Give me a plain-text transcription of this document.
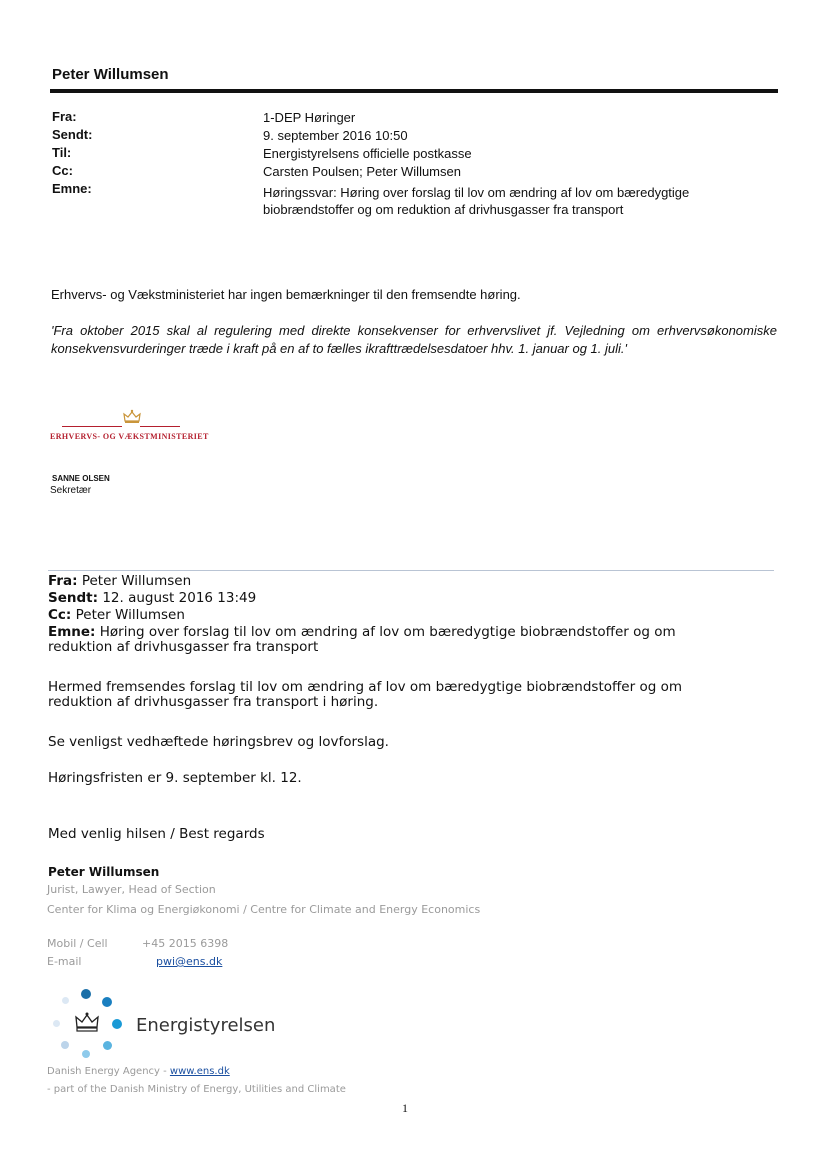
Peter Willumsen
Fra:	1-DEP Høringer
Sendt:	9. september 2016 10:50
Til:	Energistyrelsens officielle postkasse
Cc:	Carsten Poulsen; Peter Willumsen
Emne:	Høringssvar: Høring over forslag til lov om ændring af lov om bæredygtige biobrændstoffer og om reduktion af drivhusgasser fra transport
Erhvervs- og Vækstministeriet har ingen bemærkninger til den fremsendte høring.
'Fra oktober 2015 skal al regulering med direkte konsekvenser for erhvervslivet jf. Vejledning om erhvervsøkonomiske konsekvensvurderinger træde i kraft på en af to fælles ikrafttrædelsesdatoer hhv. 1. januar og 1. juli.'
ERHVERVS- OG VÆKSTMINISTERIET
SANNE OLSEN
Sekretær
Fra: Peter Willumsen
Sendt: 12. august 2016 13:49
Cc: Peter Willumsen
Emne: Høring over forslag til lov om ændring af lov om bæredygtige biobrændstoffer og om reduktion af drivhusgasser fra transport
Hermed fremsendes forslag til lov om ændring af lov om bæredygtige biobrændstoffer og om reduktion af drivhusgasser fra transport i høring.
Se venligst vedhæftede høringsbrev og lovforslag.
Høringsfristen er 9. september kl. 12.
Med venlig hilsen / Best regards
Peter Willumsen
Jurist, Lawyer, Head of Section
Center for Klima og Energiøkonomi / Centre for Climate and Energy Economics
Mobil / Cell	+45 2015 6398
E-mail	pwi@ens.dk
Energistyrelsen
Danish Energy Agency - www.ens.dk
- part of the Danish Ministry of Energy, Utilities and Climate
1
